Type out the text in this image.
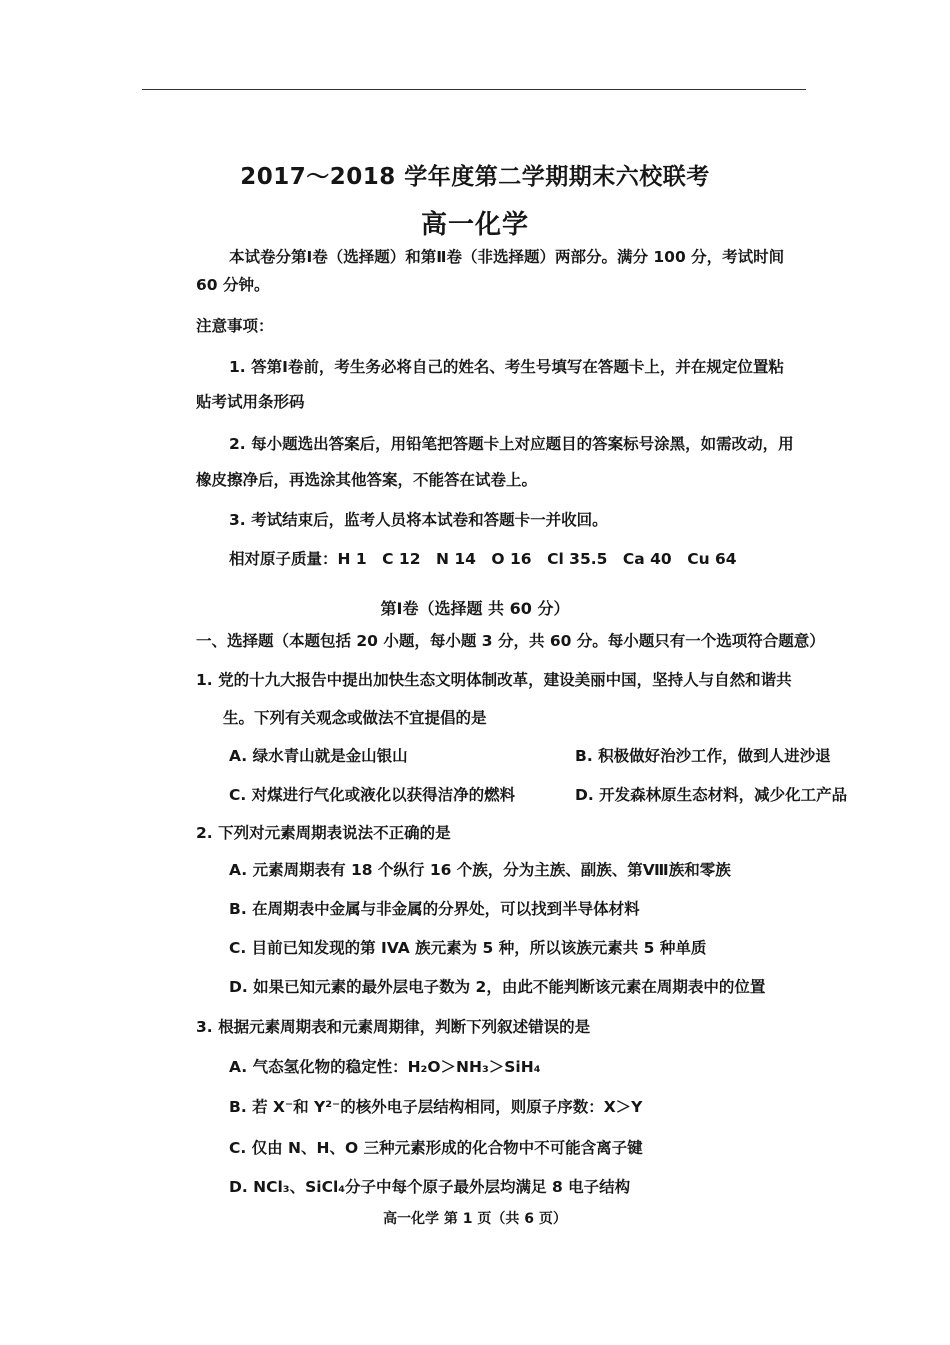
2017～2018 学年度第二学期期末六校联考
高一化学
本试卷分第Ⅰ卷（选择题）和第Ⅱ卷（非选择题）两部分。满分 100 分，考试时间
60 分钟。
注意事项：
1. 答第Ⅰ卷前，考生务必将自己的姓名、考生号填写在答题卡上，并在规定位置粘
贴考试用条形码
2. 每小题选出答案后，用铅笔把答题卡上对应题目的答案标号涂黑，如需改动，用
橡皮擦净后，再选涂其他答案，不能答在试卷上。
3. 考试结束后，监考人员将本试卷和答题卡一并收回。
相对原子质量：H 1　C 12　N 14　O 16　Cl 35.5　Ca 40　Cu 64
第Ⅰ卷（选择题 共 60 分）
一、选择题（本题包括 20 小题，每小题 3 分，共 60 分。每小题只有一个选项符合题意）
1. 党的十九大报告中提出加快生态文明体制改革，建设美丽中国，坚持人与自然和谐共
生。下列有关观念或做法不宜提倡的是
A. 绿水青山就是金山银山	B. 积极做好治沙工作，做到人进沙退
C. 对煤进行气化或液化以获得洁净的燃料	D. 开发森林原生态材料，减少化工产品
2. 下列对元素周期表说法不正确的是
A. 元素周期表有 18 个纵行 16 个族，分为主族、副族、第Ⅷ族和零族
B. 在周期表中金属与非金属的分界处，可以找到半导体材料
C. 目前已知发现的第 IVA 族元素为 5 种，所以该族元素共 5 种单质
D. 如果已知元素的最外层电子数为 2，由此不能判断该元素在周期表中的位置
3. 根据元素周期表和元素周期律，判断下列叙述错误的是
A. 气态氢化物的稳定性：H₂O＞NH₃＞SiH₄
B. 若 X⁻和 Y²⁻的核外电子层结构相同，则原子序数：X＞Y
C. 仅由 N、H、O 三种元素形成的化合物中不可能含离子键
D. NCl₃、SiCl₄分子中每个原子最外层均满足 8 电子结构
高一化学 第 1 页（共 6 页）
